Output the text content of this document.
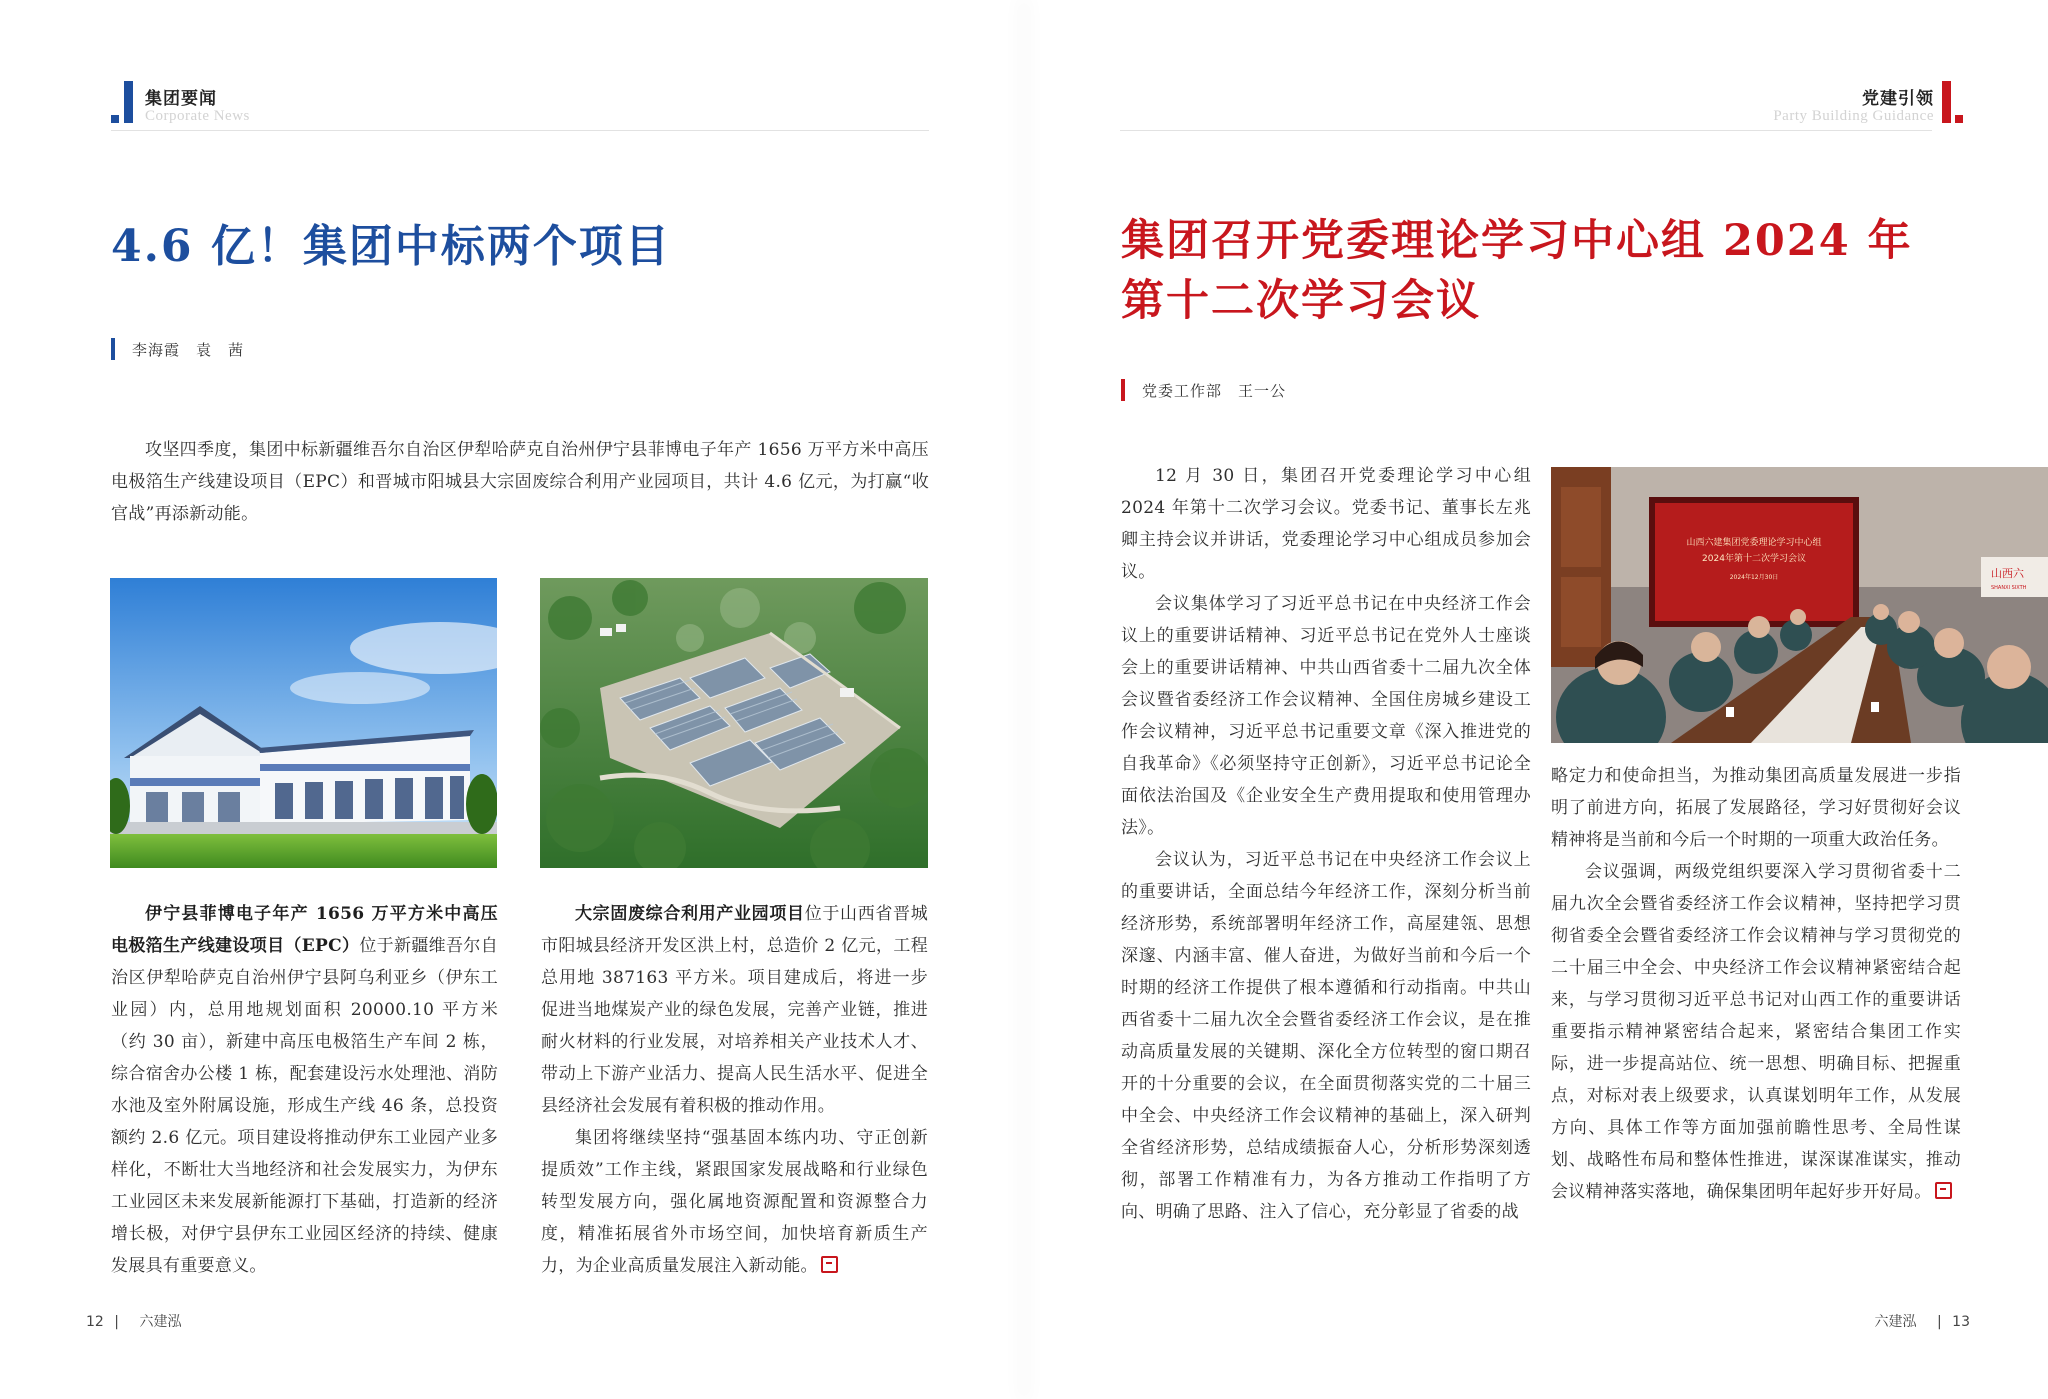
集团要闻
Corporate News
4.6 亿！集团中标两个项目
李海霞　袁　茜

攻坚四季度，集团中标新疆维吾尔自治区伊犁哈萨克自治州伊宁县菲博电子年产 1656 万平方米中高压电极箔生产线建设项目（EPC）和晋城市阳城县大宗固废综合利用产业园项目，共计 4.6 亿元，为打赢“收官战”再添新动能。

伊宁县菲博电子年产 1656 万平方米中高压电极箔生产线建设项目（EPC）位于新疆维吾尔自治区伊犁哈萨克自治州伊宁县阿乌利亚乡（伊东工业园）内，总用地规划面积 20000.10 平方米（约 30 亩），新建中高压电极箔生产车间 2 栋，综合宿舍办公楼 1 栋，配套建设污水处理池、消防水池及室外附属设施，形成生产线 46 条，总投资额约 2.6 亿元。项目建设将推动伊东工业园产业多样化，不断壮大当地经济和社会发展实力，为伊东工业园区未来发展新能源打下基础，打造新的经济增长极，对伊宁县伊东工业园区经济的持续、健康发展具有重要意义。

大宗固废综合利用产业园项目位于山西省晋城市阳城县经济开发区洪上村，总造价 2 亿元，工程总用地 387163 平方米。项目建成后，将进一步促进当地煤炭产业的绿色发展，完善产业链，推进耐火材料的行业发展，对培养相关产业技术人才、带动上下游产业活力、提高人民生活水平、促进全县经济社会发展有着积极的推动作用。

集团将继续坚持“强基固本练内功、守正创新提质效”工作主线，紧跟国家发展战略和行业绿色转型发展方向，强化属地资源配置和资源整合力度，精准拓展省外市场空间，加快培育新质生产力，为企业高质量发展注入新动能。

12 | 六建泓
党建引领
Party Building Guidance
集团召开党委理论学习中心组 2024 年
第十二次学习会议
党委工作部　王一公

12 月 30 日，集团召开党委理论学习中心组 2024 年第十二次学习会议。党委书记、董事长左兆卿主持会议并讲话，党委理论学习中心组成员参加会议。

会议集体学习了习近平总书记在中央经济工作会议上的重要讲话精神、习近平总书记在党外人士座谈会上的重要讲话精神、中共山西省委十二届九次全体会议暨省委经济工作会议精神、全国住房城乡建设工作会议精神，习近平总书记重要文章《深入推进党的自我革命》《必须坚持守正创新》，习近平总书记论全面依法治国及《企业安全生产费用提取和使用管理办法》。

会议认为，习近平总书记在中央经济工作会议上的重要讲话，全面总结今年经济工作，深刻分析当前经济形势，系统部署明年经济工作，高屋建瓴、思想深邃、内涵丰富、催人奋进，为做好当前和今后一个时期的经济工作提供了根本遵循和行动指南。中共山西省委十二届九次全会暨省委经济工作会议，是在推动高质量发展的关键期、深化全方位转型的窗口期召开的十分重要的会议，在全面贯彻落实党的二十届三中全会、中央经济工作会议精神的基础上，深入研判全省经济形势，总结成绩振奋人心，分析形势深刻透彻，部署工作精准有力，为各方推动工作指明了方向、明确了思路、注入了信心，充分彰显了省委的战

山西六建集团党委理论学习中心组
2024年第十二次学习会议
2024年12月30日	山西六
SHANXI SIXTH

略定力和使命担当，为推动集团高质量发展进一步指明了前进方向，拓展了发展路径，学习好贯彻好会议精神将是当前和今后一个时期的一项重大政治任务。

会议强调，两级党组织要深入学习贯彻省委十二届九次全会暨省委经济工作会议精神，坚持把学习贯彻省委全会暨省委经济工作会议精神与学习贯彻党的二十届三中全会、中央经济工作会议精神紧密结合起来，与学习贯彻习近平总书记对山西工作的重要讲话重要指示精神紧密结合起来，紧密结合集团工作实际，进一步提高站位、统一思想、明确目标、把握重点，对标对表上级要求，认真谋划明年工作，从发展方向、具体工作等方面加强前瞻性思考、全局性谋划、战略性布局和整体性推进，谋深谋准谋实，推动会议精神落实落地，确保集团明年起好步开好局。

六建泓 | 13
